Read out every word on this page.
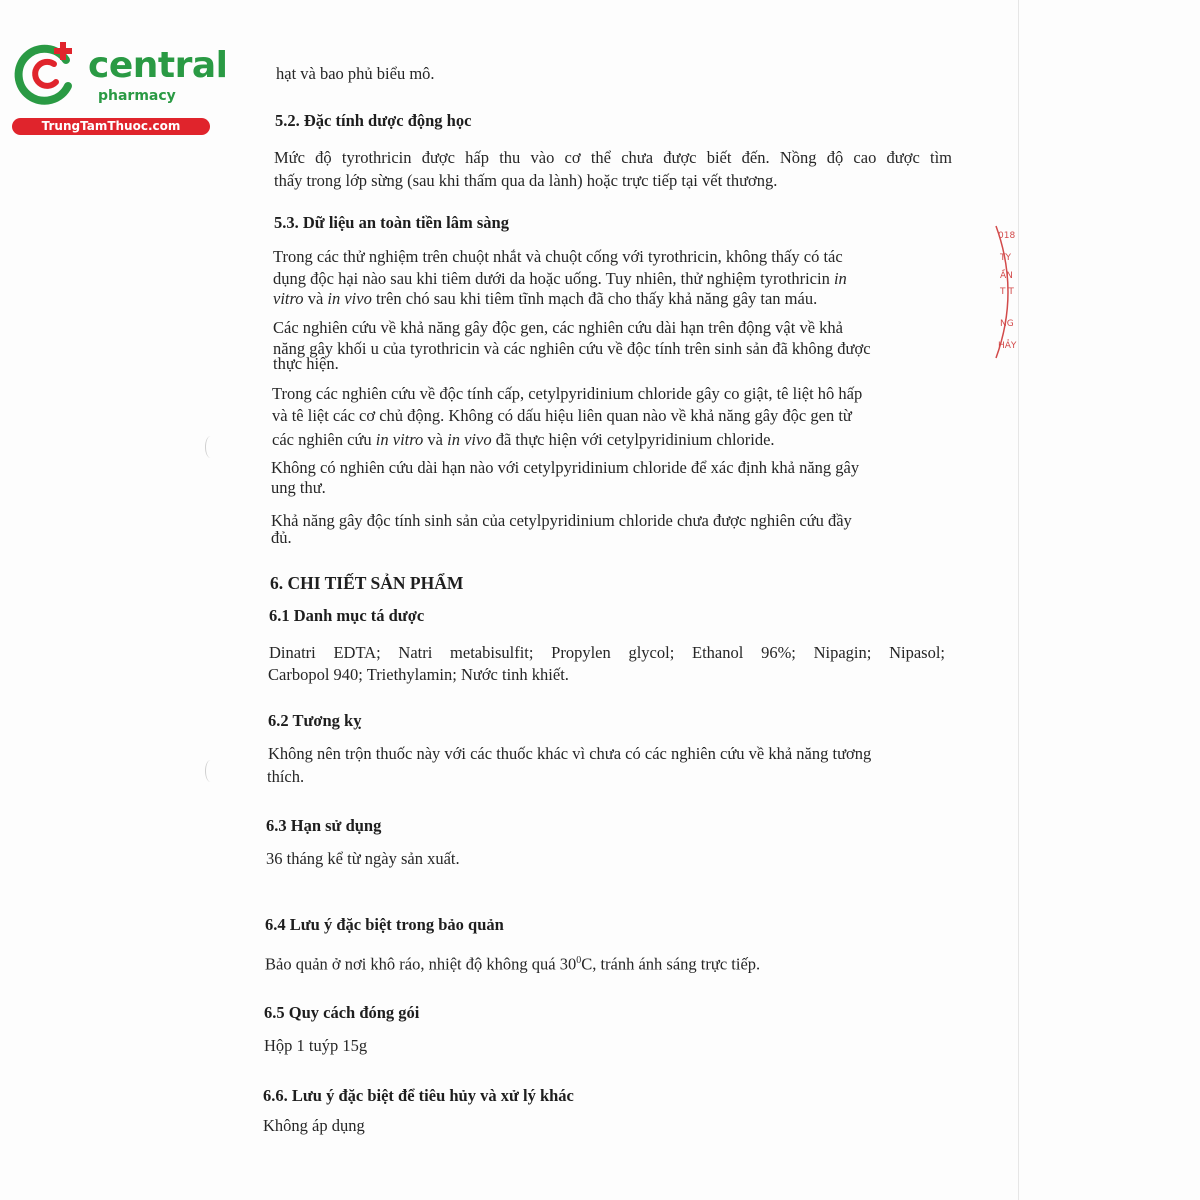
central
pharmacy
TrungTamThuoc.com
018
TY
ẦN
T T
NG
HẢY
hạt và bao phủ biểu mô.
5.2. Đặc tính dược động học
Mức độ tyrothricin được hấp thu vào cơ thể chưa được biết đến. Nồng độ cao được tìm
thấy trong lớp sừng (sau khi thấm qua da lành) hoặc trực tiếp tại vết thương.
5.3. Dữ liệu an toàn tiền lâm sàng
Trong các thử nghiệm trên chuột nhắt và chuột cống với tyrothricin, không thấy có tác
dụng độc hại nào sau khi tiêm dưới da hoặc uống. Tuy nhiên, thử nghiệm tyrothricin in
vitro và in vivo trên chó sau khi tiêm tĩnh mạch đã cho thấy khả năng gây tan máu.
Các nghiên cứu về khả năng gây độc gen, các nghiên cứu dài hạn trên động vật về khả
năng gây khối u của tyrothricin và các nghiên cứu về độc tính trên sinh sản đã không được
thực hiện.
Trong các nghiên cứu về độc tính cấp, cetylpyridinium chloride gây co giật, tê liệt hô hấp
và tê liệt các cơ chủ động. Không có dấu hiệu liên quan nào về khả năng gây độc gen từ
các nghiên cứu in vitro và in vivo đã thực hiện với cetylpyridinium chloride.
Không có nghiên cứu dài hạn nào với cetylpyridinium chloride để xác định khả năng gây
ung thư.
Khả năng gây độc tính sinh sản của cetylpyridinium chloride chưa được nghiên cứu đầy
đủ.
6. CHI TIẾT SẢN PHẨM
6.1 Danh mục tá dược
Dinatri EDTA; Natri metabisulfit; Propylen glycol; Ethanol 96%; Nipagin; Nipasol;
Carbopol 940; Triethylamin; Nước tinh khiết.
6.2 Tương kỵ
Không nên trộn thuốc này với các thuốc khác vì chưa có các nghiên cứu về khả năng tương
thích.
6.3 Hạn sử dụng
36 tháng kể từ ngày sản xuất.
6.4 Lưu ý đặc biệt trong bảo quản
Bảo quản ở nơi khô ráo, nhiệt độ không quá $30^0C$, tránh ánh sáng trực tiếp.
6.5 Quy cách đóng gói
Hộp 1 tuýp 15g
6.6. Lưu ý đặc biệt để tiêu hủy và xử lý khác
Không áp dụng
